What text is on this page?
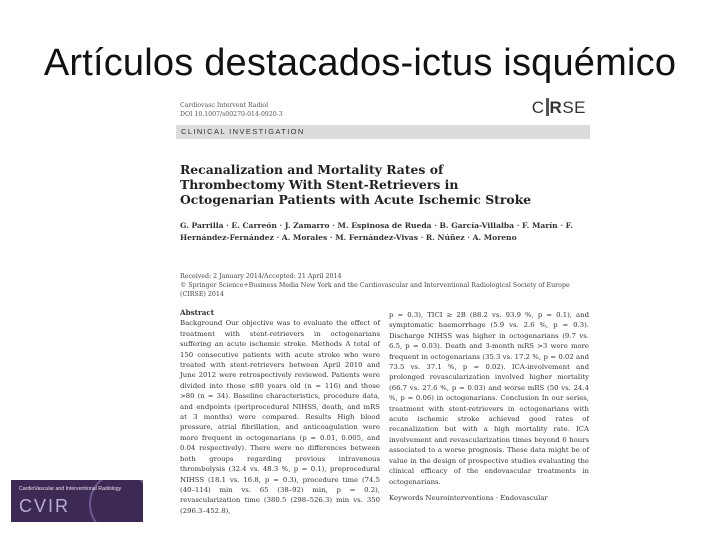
Artículos destacados-ictus isquémico
Cardiovasc Intervent Radiol
DOI 10.1007/s00270-014-0920-3	C RSE
CLINICAL INVESTIGATION
Recanalization and Mortality Rates of Thrombectomy With Stent-Retrievers in Octogenarian Patients with Acute Ischemic Stroke
G. Parrilla · E. Carreón · J. Zamarro · M. Espinosa de Rueda · B. García-Villalba · F. Marín · F. Hernández-Fernández · A. Morales · M. Fernández-Vivas · R. Núñez · A. Moreno
Received: 2 January 2014/Accepted: 21 April 2014
© Springer Science+Business Media New York and the Cardiovascular and Interventional Radiological Society of Europe (CIRSE) 2014

Abstract

Background Our objective was to evaluate the effect of treatment with stent-retrievers in octogenarians suffering an acute ischemic stroke. Methods A total of 150 consecutive patients with acute stroke who were treated with stent-retrievers between April 2010 and June 2012 were retrospectively reviewed. Patients were divided into those ≤80 years old (n = 116) and those >80 (n = 34). Baseline characteristics, procedure data, and endpoints (periprocedural NIHSS, death, and mRS at 3 months) were compared. Results High blood pressure, atrial fibrillation, and anticoagulation were more frequent in octogenarians (p = 0.01, 0.005, and 0.04 respectively). There were no differences between both groups regarding previous intravenous thrombolysis (32.4 vs. 48.3 %, p = 0.1), preprocedural NIHSS (18.1 vs. 16.8, p = 0.3), procedure time (74.5 (40–114) min vs. 65 (38–92) min, p = 0.2), revascularization time (380.5 (298–526.3) min vs. 350 (296.3–452.8),

p = 0.3), TICI ≥ 2B (88.2 vs. 93.9 %, p = 0.1), and symptomatic haemorrhage (5.9 vs. 2.6 %, p = 0.3). Discharge NIHSS was higher in octogenarians (9.7 vs. 6.5, p = 0.03). Death and 3-month mRS >3 were more frequent in octogenarians (35.3 vs. 17.2 %, p = 0.02 and 73.5 vs. 37.1 %, p = 0.02). ICA-involvement and prolonged revascularization involved higher mortality (66.7 vs. 27.6 %, p = 0.03) and worse mRS (50 vs. 24.4 %, p = 0.06) in octogenarians. Conclusion In our series, treatment with stent-retrievers in octogenarians with acute ischemic stroke achieved good rates of recanalization but with a high mortality rate. ICA involvement and revascularization times beyond 6 hours associated to a worse prognosis. These data might be of value in the design of prospective studies evaluating the clinical efficacy of the endovascular treatments in octogenarians.

Keywords Neurointerventions · Endovascular

CardioVascular and Interventional Radiology
CVIR
